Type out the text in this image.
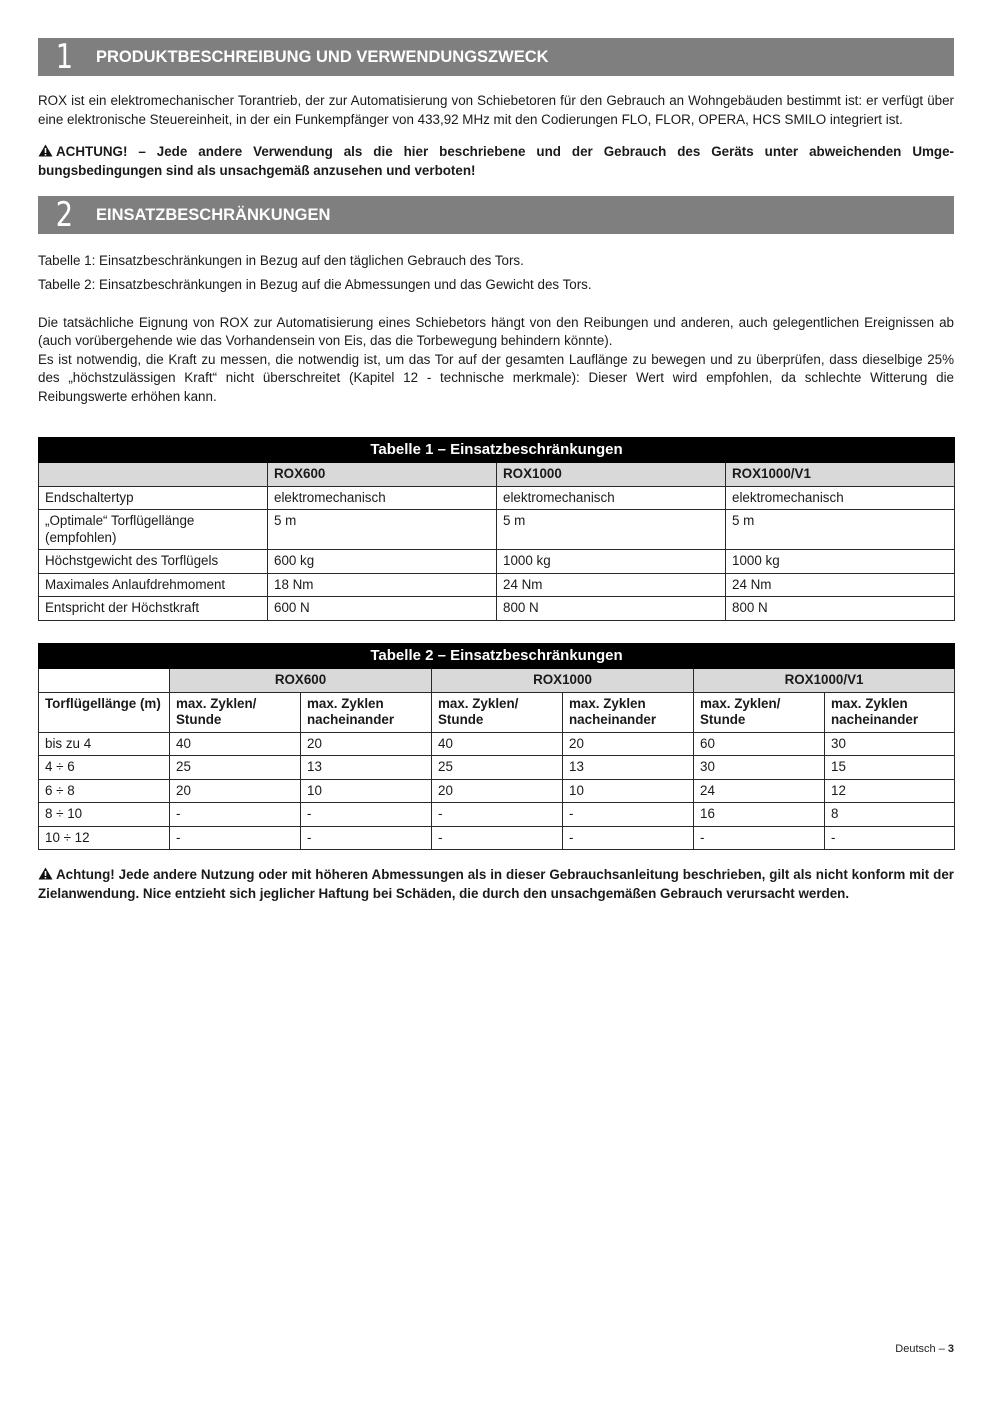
1	PRODUKTBESCHREIBUNG UND VERWENDUNGSZWECK

ROX ist ein elektromechanischer Torantrieb, der zur Automatisierung von Schiebetoren für den Gebrauch an Wohngebäuden bestimmt ist: er verfügt über eine elektronische Steuereinheit, in der ein Funkempfänger von 433,92 MHz mit den Codierungen FLO, FLOR, OPERA, HCS SMILO integriert ist.

ACHTUNG! – Jede andere Verwendung als die hier beschriebene und der Gebrauch des Geräts unter abweichenden Umgebungsbedingungen sind als unsachgemäß anzusehen und verboten!

2	EINSATZBESCHRÄNKUNGEN

Tabelle 1: Einsatzbeschränkungen in Bezug auf den täglichen Gebrauch des Tors.

Tabelle 2: Einsatzbeschränkungen in Bezug auf die Abmessungen und das Gewicht des Tors.

Die tatsächliche Eignung von ROX zur Automatisierung eines Schiebetors hängt von den Reibungen und anderen, auch gelegentlichen Ereignissen ab (auch vorübergehende wie das Vorhandensein von Eis, das die Torbewegung behindern könnte).

Es ist notwendig, die Kraft zu messen, die notwendig ist, um das Tor auf der gesamten Lauflänge zu bewegen und zu überprüfen, dass dieselbige 25% des „höchstzulässigen Kraft“ nicht überschreitet (Kapitel 12 - technische merkmale): Dieser Wert wird empfohlen, da schlechte Witterung die Reibungswerte erhöhen kann.

Tabelle 1 – Einsatzbeschränkungen			
	ROX600	ROX1000	ROX1000/V1
Endschaltertyp	elektromechanisch	elektromechanisch	elektromechanisch
„Optimale“ Torflügellänge (empfohlen)	5 m	5 m	5 m
Höchstgewicht des Torflügels	600 kg	1000 kg	1000 kg
Maximales Anlaufdrehmoment	18 Nm	24 Nm	24 Nm
Entspricht der Höchstkraft	600 N	800 N	800 N
Tabelle 2 – Einsatzbeschränkungen						
	ROX600		ROX1000		ROX1000/V1	
Torflügellänge (m)	max. Zyklen/ Stunde	max. Zyklen nacheinander	max. Zyklen/ Stunde	max. Zyklen nacheinander	max. Zyklen/ Stunde	max. Zyklen nacheinander
bis zu 4	40	20	40	20	60	30
4 ÷ 6	25	13	25	13	30	15
6 ÷ 8	20	10	20	10	24	12
8 ÷ 10	-	-	-	-	16	8
10 ÷ 12	-	-	-	-	-	-

Achtung! Jede andere Nutzung oder mit höheren Abmessungen als in dieser Gebrauchsanleitung beschrieben, gilt als nicht konform mit der Zielanwendung. Nice entzieht sich jeglicher Haftung bei Schäden, die durch den unsachgemäßen Gebrauch verursacht werden.

Deutsch – 3
